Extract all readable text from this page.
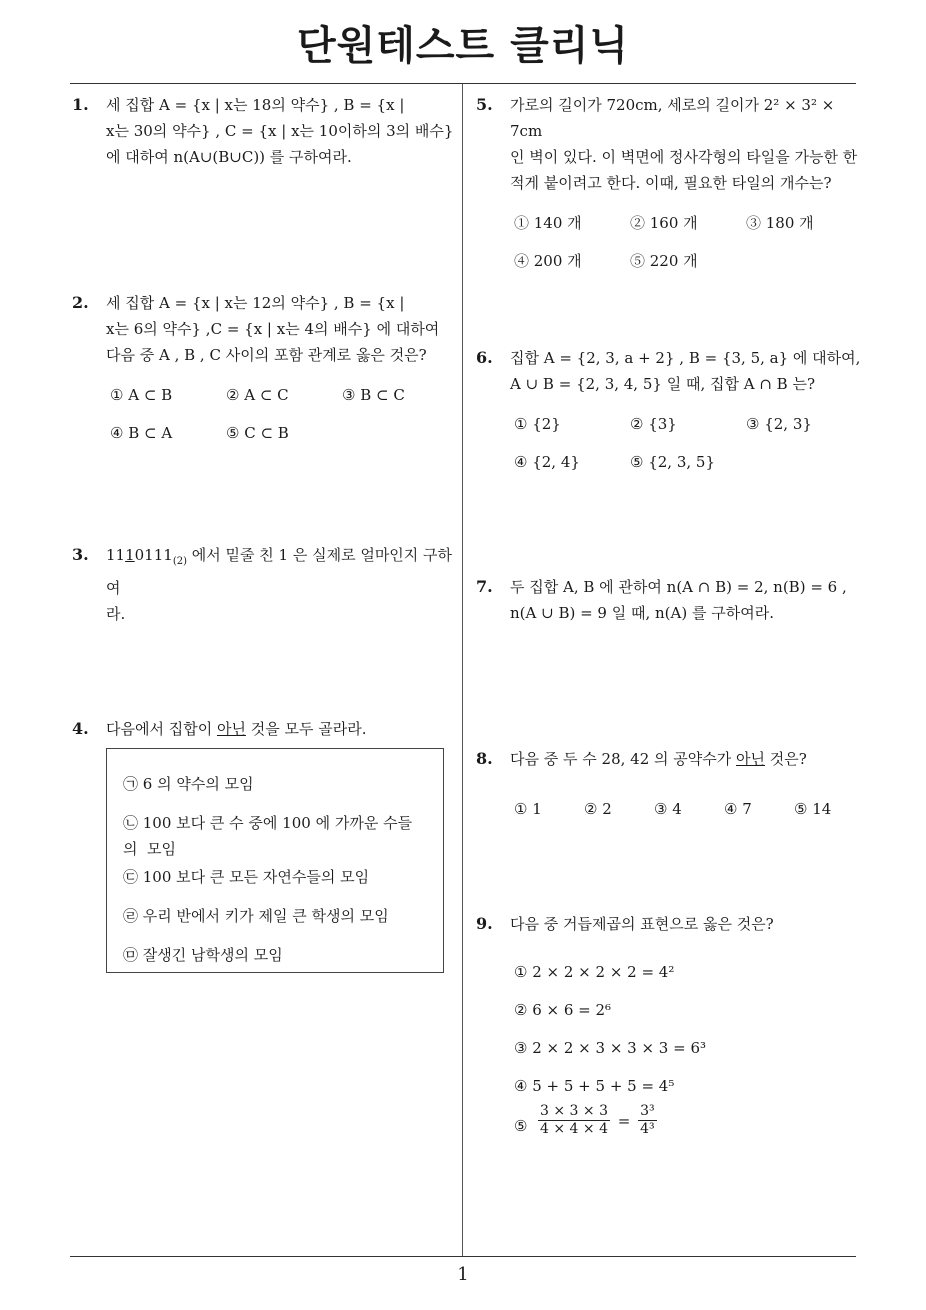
단원테스트 클리닉
1. 세 집합 A = {x | x는 18의 약수} , B = {x |
x는 30의 약수} , C = {x | x는 10이하의 3의 배수}
에 대하여 n(A∪(B∪C)) 를 구하여라.
2. 세 집합 A = {x | x는 12의 약수} , B = {x |
x는 6의 약수} ,C = {x | x는 4의 배수} 에 대하여
다음 중 A , B , C 사이의 포함 관계로 옳은 것은?
① A ⊂ B	② A ⊂ C	③ B ⊂ C
④ B ⊂ A	⑤ C ⊂ B
3. $1110111_{(2)}$ 에서 밑줄 친 1 은 실제로 얼마인지 구하여
라.
4. 다음에서 집합이 아닌 것을 모두 골라라.
㉠ 6 의 약수의 모임
㉡ 100 보다 큰 수 중에 100 에 가까운 수들의 모임
㉢ 100 보다 큰 모든 자연수들의 모임
㉣ 우리 반에서 키가 제일 큰 학생의 모임
㉤ 잘생긴 남학생의 모임
5. 가로의 길이가 720cm, 세로의 길이가 2² × 3² × 7cm
인 벽이 있다. 이 벽면에 정사각형의 타일을 가능한 한
적게 붙이려고 한다. 이때, 필요한 타일의 개수는?
① 140 개	② 160 개	③ 180 개
④ 200 개	⑤ 220 개
6. 집합 A = {2, 3, a + 2} , B = {3, 5, a} 에 대하여,
A ∪ B = {2, 3, 4, 5} 일 때, 집합 A ∩ B 는?
① {2}	② {3}	③ {2, 3}
④ {2, 4}	⑤ {2, 3, 5}
7. 두 집합 A, B 에 관하여 n(A ∩ B) = 2, n(B) = 6 ,
n(A ∪ B) = 9 일 때, n(A) 를 구하여라.
8. 다음 중 두 수 28, 42 의 공약수가 아닌 것은?
① 1	② 2	③ 4	④ 7	⑤ 14
9. 다음 중 거듭제곱의 표현으로 옳은 것은?
① 2 × 2 × 2 × 2 = 4²
② 6 × 6 = 2⁶
③ 2 × 2 × 3 × 3 × 3 = 6³
④ 5 + 5 + 5 + 5 = 4⁵
⑤ $\frac{3 \times 3 \times 3}{4 \times 4 \times 4} = \frac{\text{3³}}{\text{4³}}$
1
